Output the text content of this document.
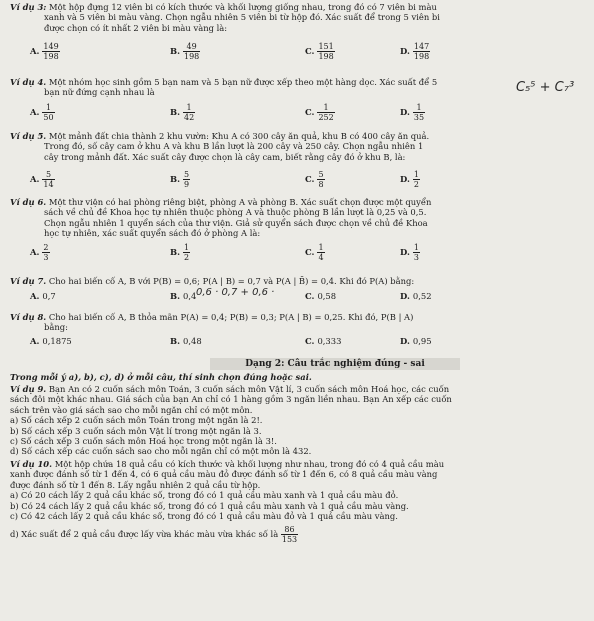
Ví dụ 3: Một hộp đựng 12 viên bi có kích thước và khối lượng giống nhau, trong đó có 7 viên bi màu
xanh và 5 viên bi màu vàng. Chọn ngẫu nhiên 5 viên bi từ hộp đó. Xác suất để trong 5 viên bi
được chọn có ít nhất 2 viên bi màu vàng là:
A. $\frac{149}{198}$	B. $\frac{49}{198}$	C. $\frac{151}{198}$	D. $\frac{147}{198}$
Ví dụ 4. Một nhóm học sinh gồm 5 bạn nam và 5 bạn nữ được xếp theo một hàng dọc. Xác suất để 5
bạn nữ đứng cạnh nhau là	C₅⁵ + C₇³
A. $\frac{1}{50}$	B. $\frac{1}{42}$	C. $\frac{1}{252}$	D. $\frac{1}{35}$
Ví dụ 5. Một mảnh đất chia thành 2 khu vườn: Khu A có 300 cây ăn quả, khu B có 400 cây ăn quả.
Trong đó, số cây cam ở khu A và khu B lần lượt là 200 cây và 250 cây. Chọn ngẫu nhiên 1
cây trong mảnh đất. Xác suất cây được chọn là cây cam, biết rằng cây đó ở khu B, là:
A. $\frac{5}{14}$	B. $\frac{5}{9}$	C. $\frac{5}{8}$	D. $\frac{1}{2}$
Ví dụ 6. Một thư viện có hai phòng riêng biệt, phòng A và phòng B. Xác suất chọn được một quyển
sách về chủ đề Khoa học tự nhiên thuộc phòng A và thuộc phòng B lần lượt là 0,25 và 0,5.
Chọn ngẫu nhiên 1 quyển sách của thư viện. Giả sử quyển sách được chọn về chủ đề Khoa
học tự nhiên, xác suất quyển sách đó ở phòng A là:
A. $\frac{2}{3}$	B. $\frac{1}{2}$	C. $\frac{1}{4}$	D. $\frac{1}{3}$
Ví dụ 7. Cho hai biến cố A, B với P(B) = 0,6; P(A | B) = 0,7 và P(A | B̄) = 0,4. Khi đó P(A) bằng:
A. 0,7	B. 0,4	C. 0,58	D. 0,52
0,6 · 0,7 + 0,6 ·
Ví dụ 8. Cho hai biến cố A, B thỏa mãn P(A) = 0,4; P(B) = 0,3; P(A | B) = 0,25. Khi đó, P(B | A)
bằng:
A. 0,1875	B. 0,48	C. 0,333	D. 0,95
Dạng 2: Câu trắc nghiệm đúng - sai
Trong mỗi ý a), b), c), d) ở mỗi câu, thí sinh chọn đúng hoặc sai.
Ví dụ 9. Bạn An có 2 cuốn sách môn Toán, 3 cuốn sách môn Vật lí, 3 cuốn sách môn Hoá học, các cuốn
sách đôi một khác nhau. Giá sách của bạn An chỉ có 1 hàng gồm 3 ngăn liền nhau. Bạn An xếp các cuốn
sách trên vào giá sách sao cho mỗi ngăn chỉ có một môn.
a) Số cách xếp 2 cuốn sách môn Toán trong một ngăn là 2!.
b) Số cách xếp 3 cuốn sách môn Vật lí trong một ngăn là 3.
c) Số cách xếp 3 cuốn sách môn Hoá học trong một ngăn là 3!.
d) Số cách xếp các cuốn sách sao cho mỗi ngăn chỉ có một môn là 432.
Ví dụ 10. Một hộp chứa 18 quả cầu có kích thước và khối lượng như nhau, trong đó có 4 quả cầu màu
xanh được đánh số từ 1 đến 4, có 6 quả cầu màu đỏ được đánh số từ 1 đến 6, có 8 quả cầu màu vàng
được đánh số từ 1 đến 8. Lấy ngẫu nhiên 2 quả cầu từ hộp.
a) Có 20 cách lấy 2 quả cầu khác số, trong đó có 1 quả cầu màu xanh và 1 quả cầu màu đỏ.
b) Có 24 cách lấy 2 quả cầu khác số, trong đó có 1 quả cầu màu xanh và 1 quả cầu màu vàng.
c) Có 42 cách lấy 2 quả cầu khác số, trong đó có 1 quả cầu màu đỏ và 1 quả cầu màu vàng.
d) Xác suất để 2 quả cầu được lấy vừa khác màu vừa khác số là $\frac{86}{153}$
